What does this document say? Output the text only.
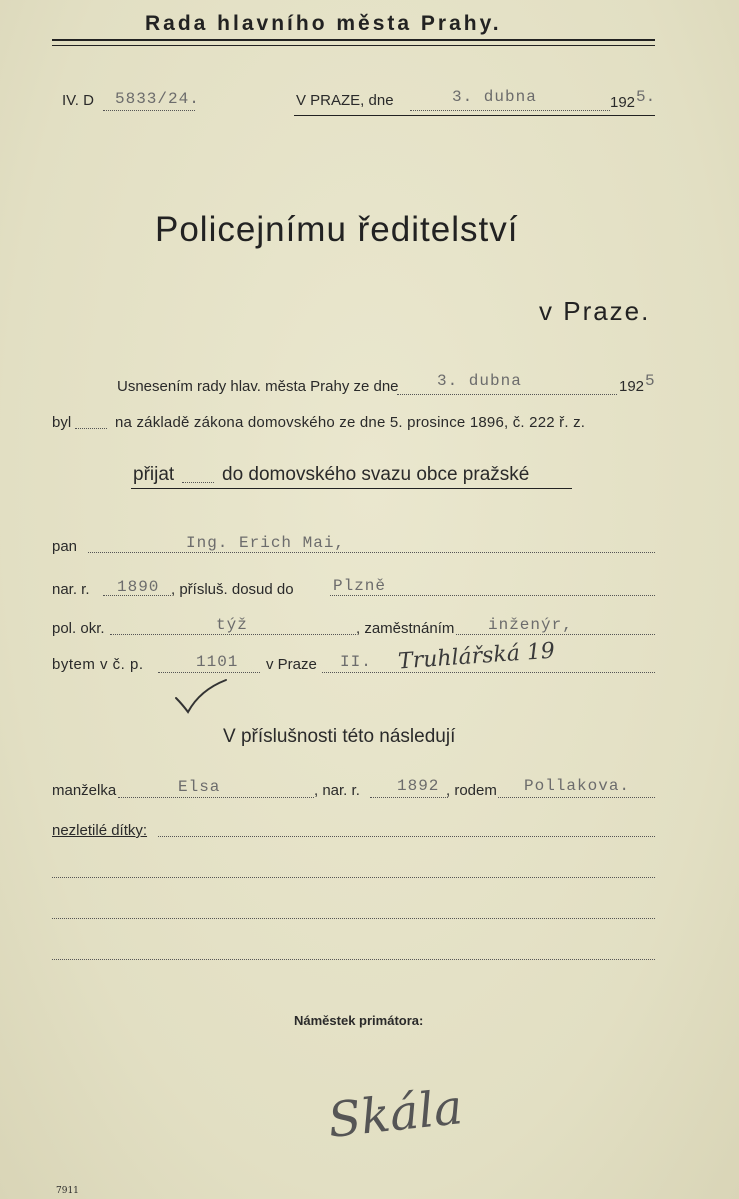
Rada hlavního města Prahy.
IV. D 5833/24.	V PRAZE, dne	3. dubna	192 5.
Policejnímu ředitelství
v Praze.
Usnesením rady hlav. města Prahy ze dne 3. dubna	192 5
byl	na základě zákona domovského ze dne 5. prosince 1896, č. 222 ř. z.
přijat	do domovského svazu obce pražské
pan	Ing. Erich Mai,
nar. r. 1890 , přísluš. dosud do Plzně
pol. okr.	týž	, zaměstnáním inženýr,
bytem v č. p.	1101 v Praze II. Truhlářská 19
V příslušnosti této následují
manželka	Elsa	, nar. r. 1892 , rodem Pollakova.
nezletilé dítky:
Náměstek primátora:
Skála
7911
